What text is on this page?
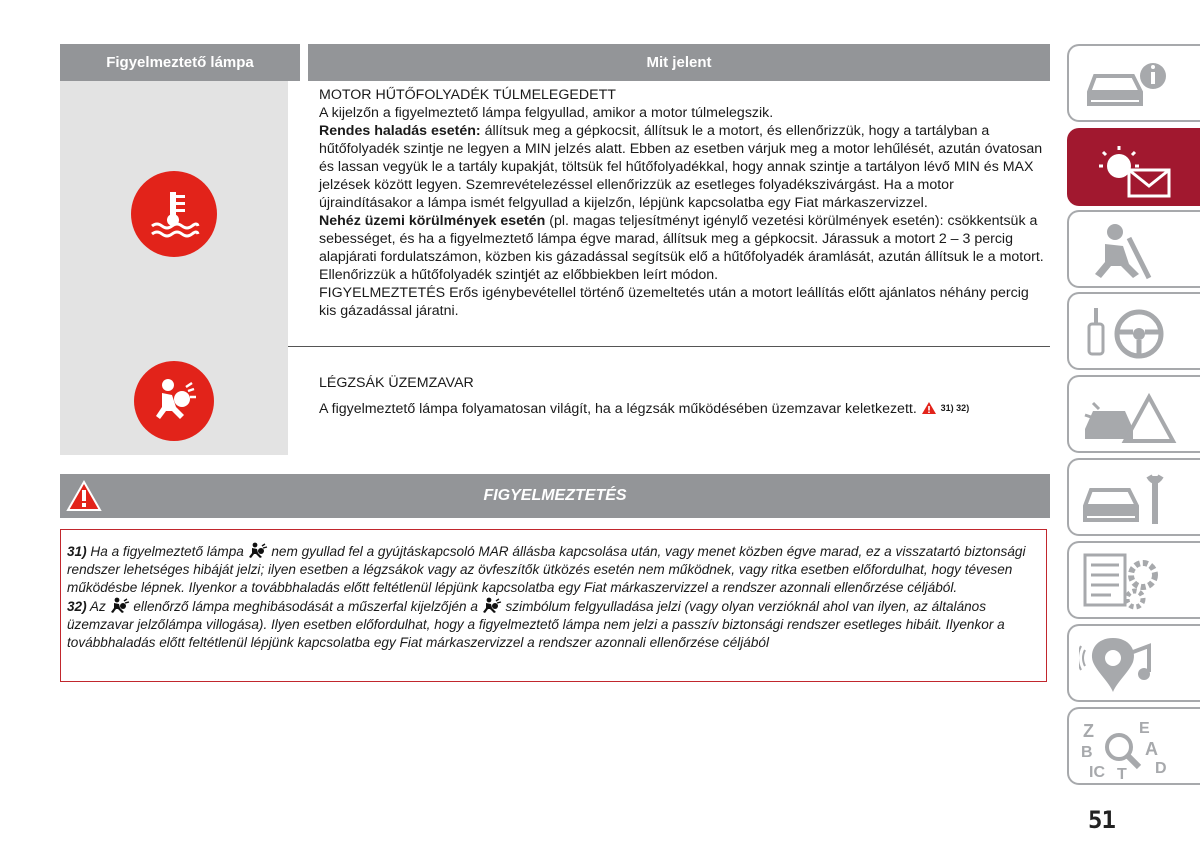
Figyelmeztető lámpa	Mit jelent
MOTOR HŰTŐFOLYADÉK TÚLMELEGEDETT
A kijelzőn a figyelmeztető lámpa felgyullad, amikor a motor túlmelegszik.
Rendes haladás esetén: állítsuk meg a gépkocsit, állítsuk le a motort, és ellenőrizzük, hogy a tartályban a hűtőfolyadék szintje ne legyen a MIN jelzés alatt. Ebben az esetben várjuk meg a motor lehűlését, azután óvatosan és lassan vegyük le a tartály kupakját, töltsük fel hűtőfolyadékkal, hogy annak szintje a tartályon lévő MIN és MAX jelzések között legyen. Szemrevételezéssel ellenőrizzük az esetleges folyadékszivárgást. Ha a motor újraindításakor a lámpa ismét felgyullad a kijelzőn, lépjünk kapcsolatba egy Fiat márkaszervizzel.
Nehéz üzemi körülmények esetén (pl. magas teljesítményt igénylő vezetési körülmények esetén): csökkentsük a sebességet, és ha a figyelmeztető lámpa égve marad, állítsuk meg a gépkocsit. Járassuk a motort 2 – 3 percig alapjárati fordulatszámon, közben kis gázadással segítsük elő a hűtőfolyadék áramlását, azután állítsuk le a motort. Ellenőrizzük a hűtőfolyadék szintjét az előbbiekben leírt módon.
FIGYELMEZTETÉS Erős igénybevétellel történő üzemeltetés után a motort leállítás előtt ajánlatos néhány percig kis gázadással járatni.
LÉGZSÁK ÜZEMZAVAR
A figyelmeztető lámpa folyamatosan világít, ha a légzsák működésében üzemzavar keletkezett.	31) 32)
FIGYELMEZTETÉS
31) Ha a figyelmeztető lámpa  nem gyullad fel a gyújtáskapcsoló MAR állásba kapcsolása után, vagy menet közben égve marad, ez a visszatartó biztonsági rendszer lehetséges hibáját jelzi; ilyen esetben a légzsákok vagy az övfeszítők ütközés esetén nem működnek, vagy ritka esetben előfordulhat, hogy tévesen működésbe lépnek. Ilyenkor a továbbhaladás előtt feltétlenül lépjünk kapcsolatba egy Fiat márkaszervizzel a rendszer azonnali ellenőrzése céljából.
32) Az  ellenőrző lámpa meghibásodását a műszerfal kijelzőjén a  szimbólum felgyulladása jelzi (vagy olyan verzióknál ahol van ilyen, az általános üzemzavar jelzőlámpa villogása). Ilyen esetben előfordulhat, hogy a figyelmeztető lámpa nem jelzi a passzív biztonsági rendszer esetleges hibáit. Ilyenkor a továbbhaladás előtt feltétlenül lépjünk kapcsolatba egy Fiat márkaszervizzel a rendszer azonnali ellenőrzése céljából
Z	E
B	A
IC T D
51
